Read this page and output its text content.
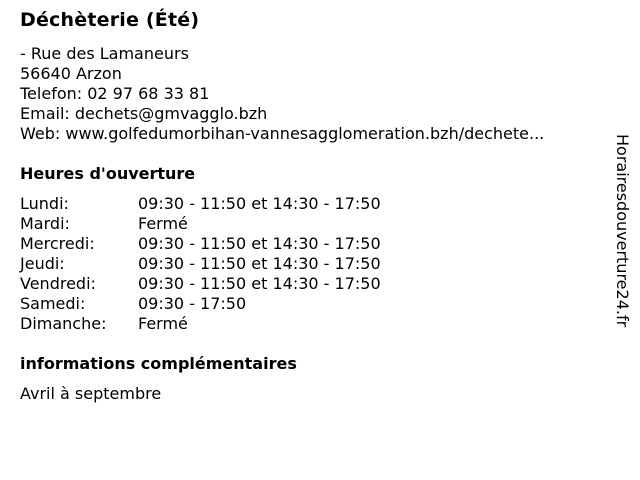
Déchèterie (Été)
- Rue des Lamaneurs
56640 Arzon
Telefon: 02 97 68 33 81
Email: dechets@gmvagglo.bzh
Web: www.golfedumorbihan-vannesagglomeration.bzh/dechete...
Heures d'ouverture
Lundi:	09:30 - 11:50 et 14:30 - 17:50
Mardi:	Fermé
Mercredi:	09:30 - 11:50 et 14:30 - 17:50
Jeudi:	09:30 - 11:50 et 14:30 - 17:50
Vendredi:	09:30 - 11:50 et 14:30 - 17:50
Samedi:	09:30 - 17:50
Dimanche:	Fermé
informations complémentaires
Avril à septembre
Horairesdouverture24.fr
